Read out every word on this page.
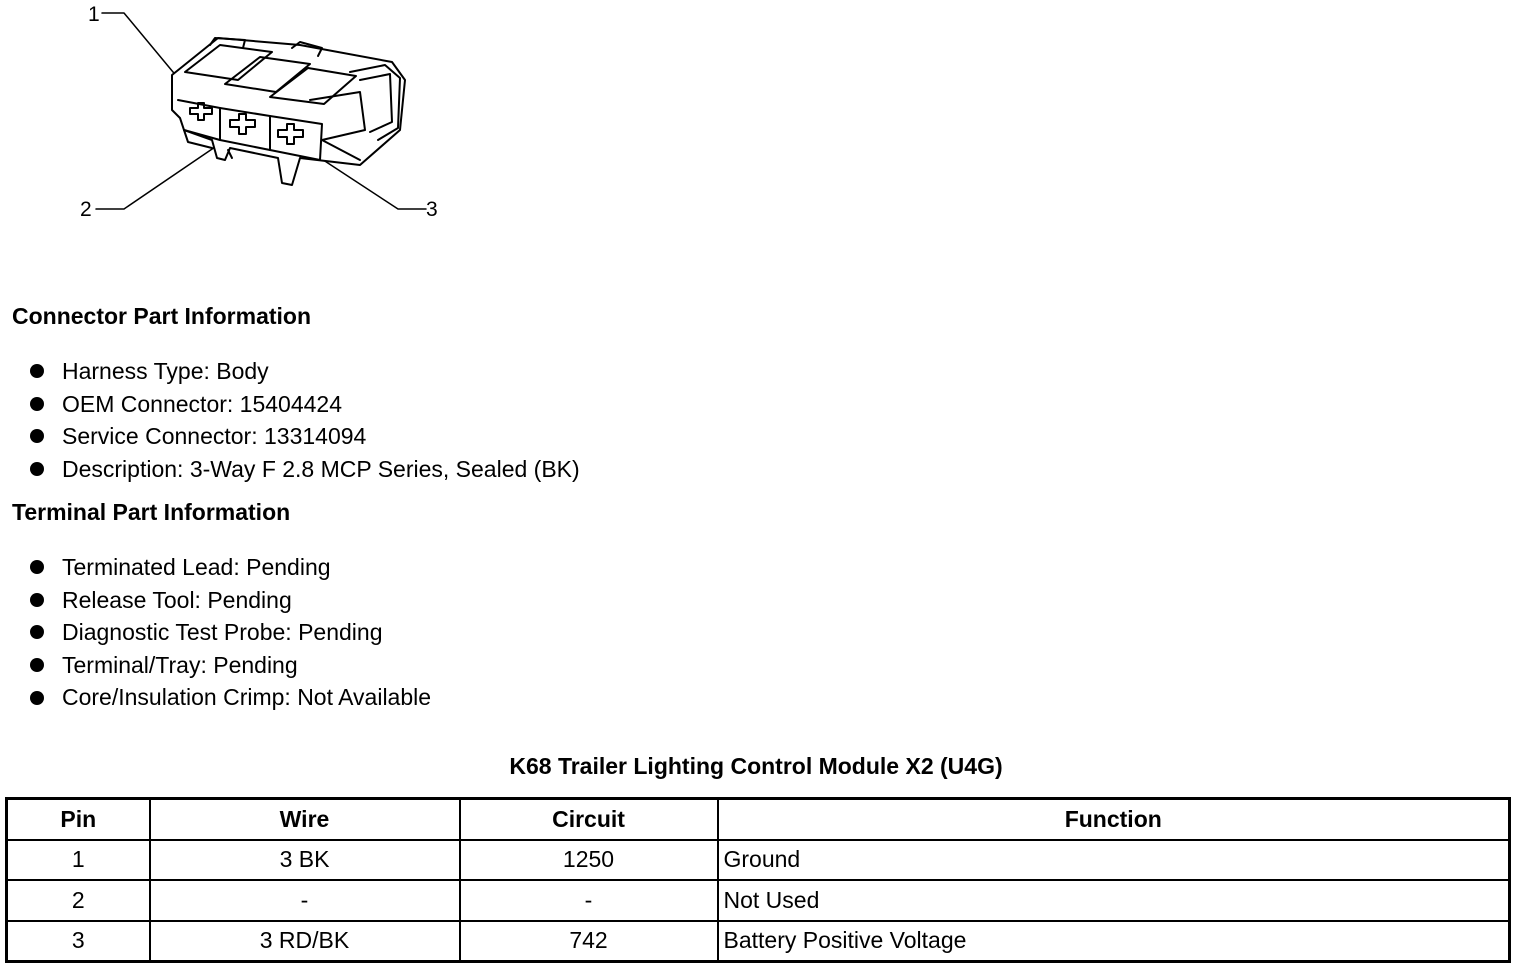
1
2	3
Connector Part Information
Harness Type: Body
OEM Connector: 15404424
Service Connector: 13314094
Description: 3-Way F 2.8 MCP Series, Sealed (BK)
Terminal Part Information
Terminated Lead: Pending
Release Tool: Pending
Diagnostic Test Probe: Pending
Terminal/Tray: Pending
Core/Insulation Crimp: Not Available
K68 Trailer Lighting Control Module X2 (U4G)
Pin	Wire	Circuit	Function
1	3 BK	1250	Ground
2	-	-	Not Used
3	3 RD/BK	742	Battery Positive Voltage
